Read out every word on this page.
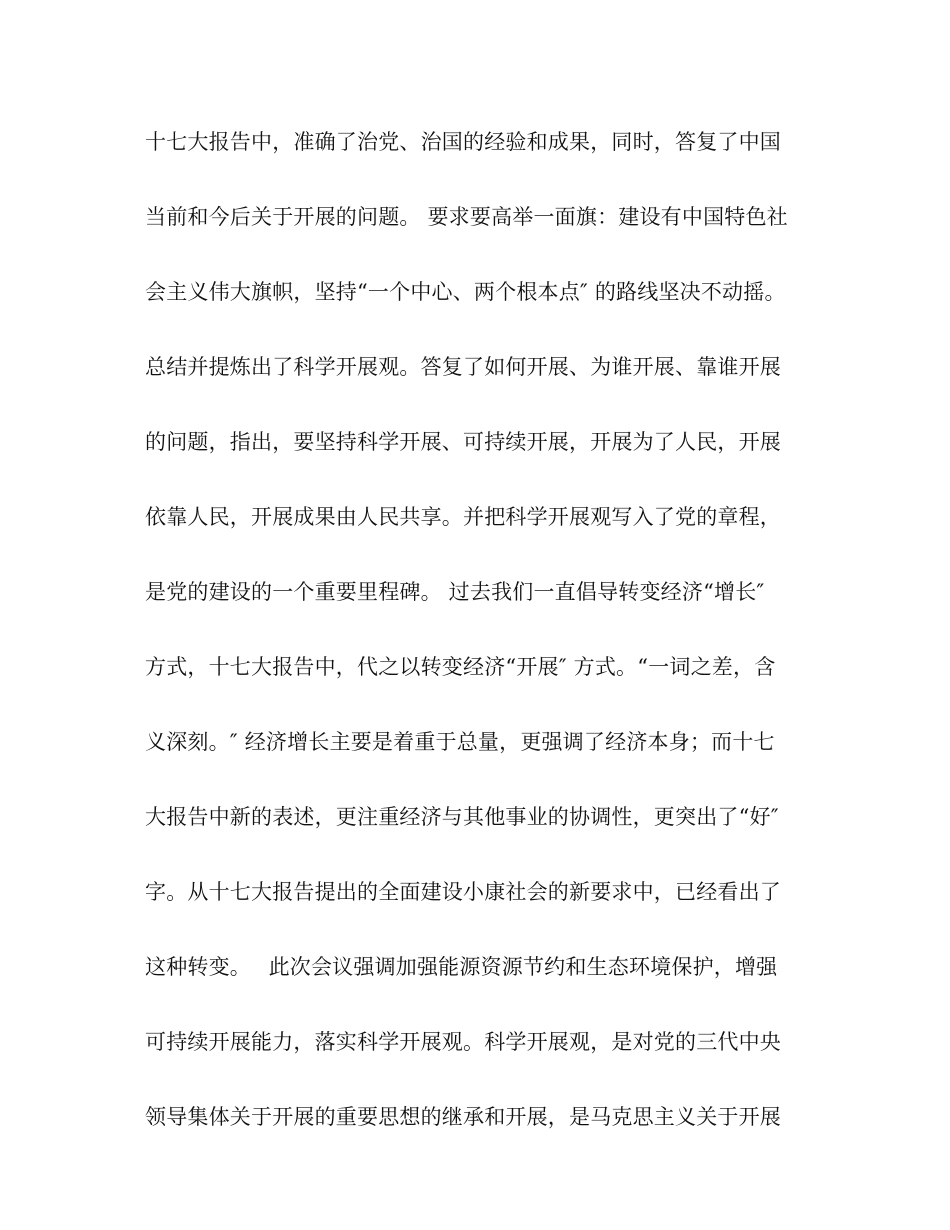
十七大报告中，准确了治党、治国的经验和成果，同时，答复了中国
当前和今后关于开展的问题。 要求要高举一面旗：建设有中国特色社
会主义伟大旗帜，坚持“一个中心、两个根本点″ 的路线坚决不动摇。
总结并提炼出了科学开展观。答复了如何开展、为谁开展、靠谁开展
的问题，指出，要坚持科学开展、可持续开展，开展为了人民，开展
依靠人民，开展成果由人民共享。并把科学开展观写入了党的章程，
是党的建设的一个重要里程碑。 过去我们一直倡导转变经济“增长″
方式，十七大报告中，代之以转变经济“开展″ 方式。“一词之差，含
义深刻。″ 经济增长主要是着重于总量，更强调了经济本身；而十七
大报告中新的表述，更注重经济与其他事业的协调性，更突出了“好″
字。从十七大报告提出的全面建设小康社会的新要求中，已经看出了
这种转变。　 此次会议强调加强能源资源节约和生态环境保护，增强
可持续开展能力，落实科学开展观。科学开展观，是对党的三代中央
领导集体关于开展的重要思想的继承和开展，是马克思主义关于开展
